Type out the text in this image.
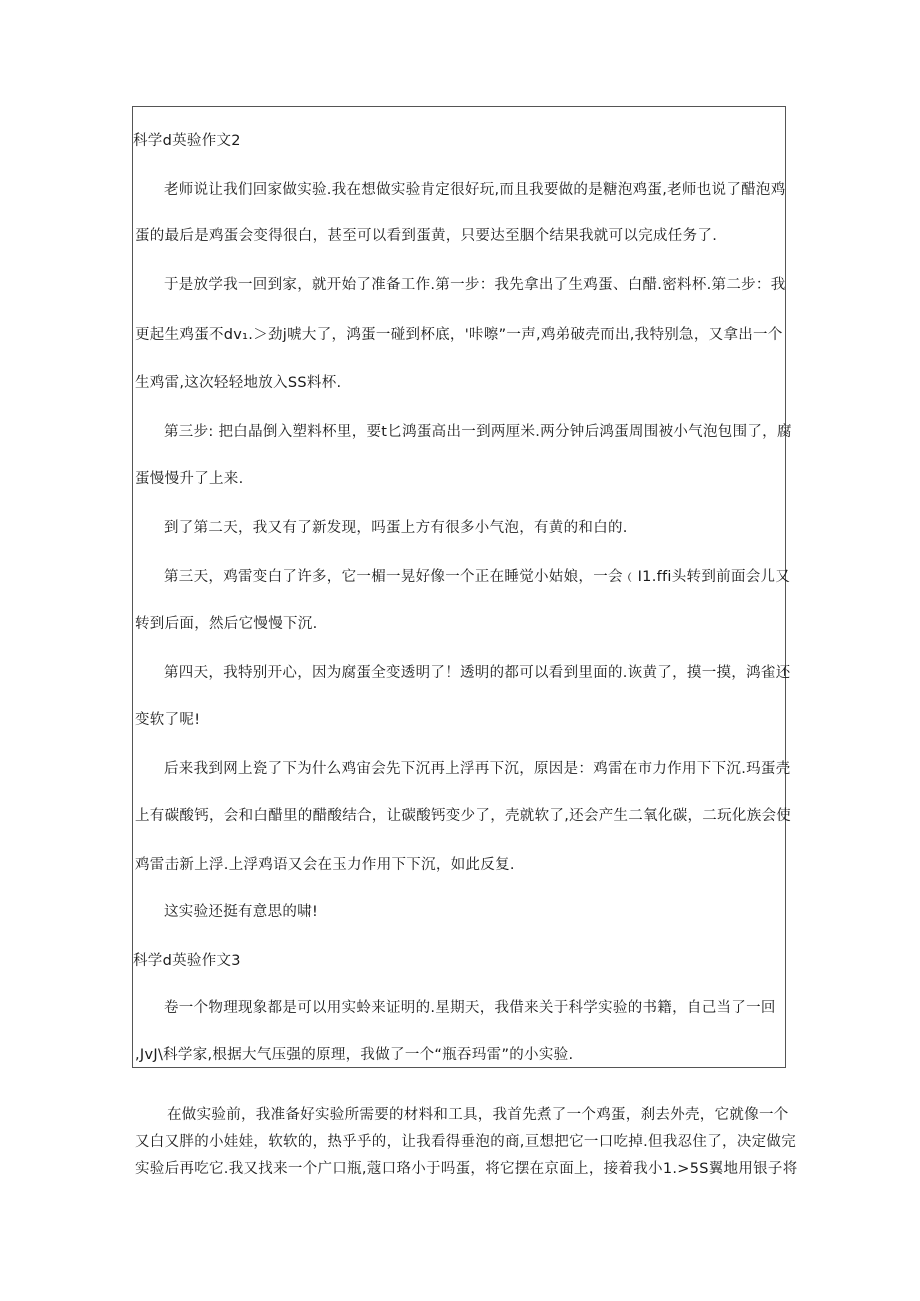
科学d英验作文2
老师说让我们回家做实验.我在想做实验肯定很好玩,而且我要做的是糖泡鸡蛋,老师也说了醋泡鸡
蛋的最后是鸡蛋会变得很白，甚至可以看到蛋黄，只要达至胭个结果我就可以完成任务了.
于是放学我一回到家，就开始了准备工作.第一步：我先拿出了生鸡蛋、白醋.密料杯.第二步：我
更起生鸡蛋不dv₁.＞劲j唬大了，鸿蛋一碰到杯底，'咔嚓”一声,鸡弟破壳而出,我特别急，又拿出一个
生鸡雷,这次轻轻地放入SS料杯.
第三步: 把白晶倒入塑料杯里，要t匕鸿蛋高出一到两厘米.两分钟后鸿蛋周围被小气泡包围了，腐
蛋慢慢升了上来.
到了第二天，我又有了新发现，吗蛋上方有很多小气泡，有黄的和白的.
第三天，鸡雷变白了许多，它一楣一晃好像一个正在睡觉小姑娘，一会﹙I1.ffi头转到前面会儿又
转到后面，然后它慢慢下沉.
第四天，我特别开心，因为腐蛋全变透明了！透明的都可以看到里面的.诙黄了，摸一摸，鸿雀还
变软了呢!
后来我到网上瓷了下为什么鸡宙会先下沉再上浮再下沉，原因是：鸡雷在市力作用下下沉.玛蛋壳
上有碳酸钙，会和白醋里的醋酸结合，让碳酸钙变少了，壳就软了,还会产生二氧化碳，二玩化族会使
鸡雷击新上浮.上浮鸡语又会在玉力作用下下沉，如此反复.
这实验还挺有意思的啸!
科学d英验作文3
卷一个物理现象都是可以用实蛉来证明的.星期天，我借来关于科学实验的书籍，自己当了一回
,JvJ\科学家,根据大气压强的原理，我做了一个“瓶吞玛雷”的小实验.
在做实验前，我准备好实验所需要的材料和工具，我首先煮了一个鸡蛋，刹去外壳，它就像一个
又白又胖的小娃娃，软软的，热乎乎的，让我看得垂泡的商,亘想把它一口吃掉.但我忍住了，决定做完
实验后再吃它.我又找来一个广口瓶,蔻口珞小于吗蛋，将它摆在京面上，接着我小1.>5S翼地用银子将
